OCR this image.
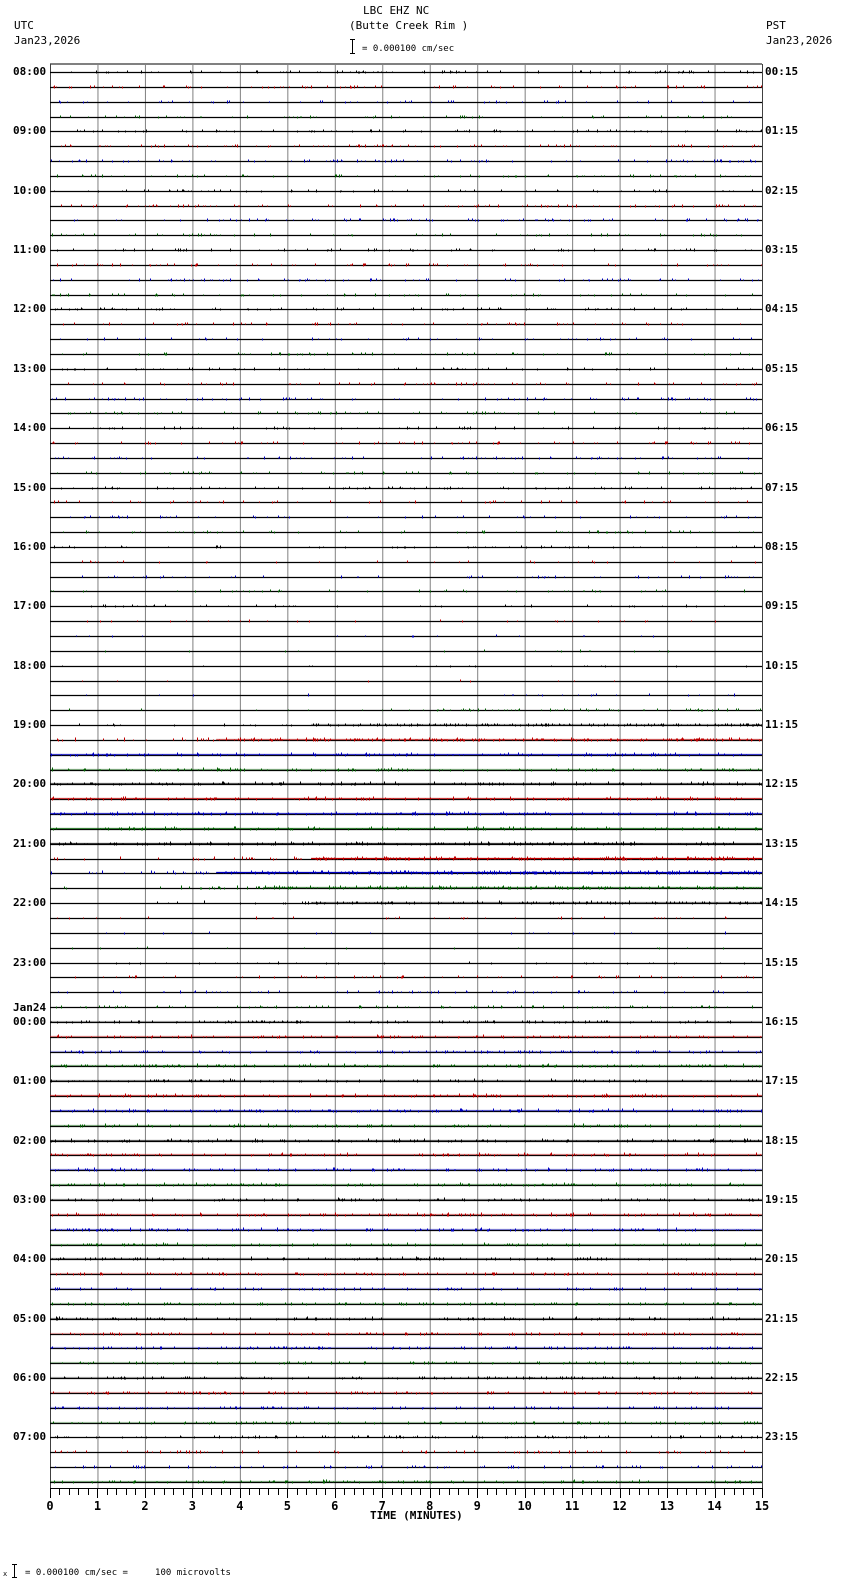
LBC EHZ NC
(Butte Creek Rim )
UTC
Jan23,2026
PST
Jan23,2026
= 0.000100 cm/sec
0	1	2	3	4	5	6	7	8	9	10	11	12	13	14	15
TIME (MINUTES)
x = 0.000100 cm/sec =     100 microvolts
08:00
09:00
10:00
11:00
12:00
13:00
14:00
15:00
16:00
17:00
18:00
19:00
20:00
21:00
22:00
23:00
00:00
Jan24
01:00
02:00
03:00
04:00
05:00
06:00
07:00
00:15
01:15
02:15
03:15
04:15
05:15
06:15
07:15
08:15
09:15
10:15
11:15
12:15
13:15
14:15
15:15
16:15
17:15
18:15
19:15
20:15
21:15
22:15
23:15
